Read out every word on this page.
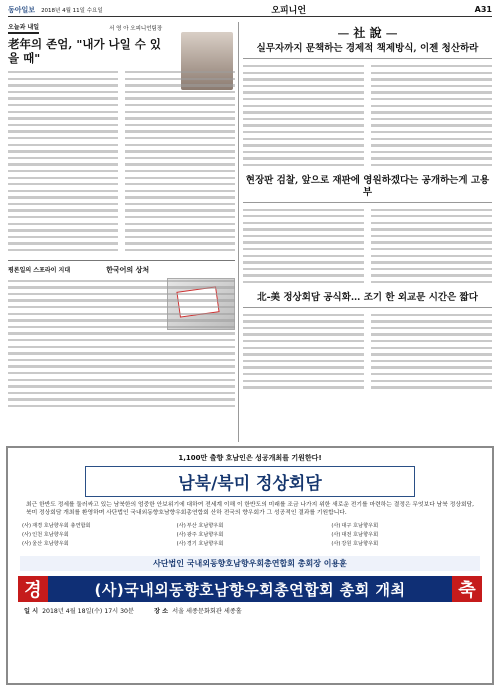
동아일보 2018년 4월 11일 수요일	오피니언	A31
오늘과 내일	서 영 아 오피니언팀장
老年의 존엄, "내가 나일 수 있을 때"
평론일의 스포라이 지대	한국어의 상처
— 社 說 —
실무자까지 문책하는 경제적 책제방식, 이젠 청산하라
현장판 검찰, 앞으로 재판에 영원하겠다는 공개하는게 고용부
北-美 정상회담 공식화… 조기 한 외교문 시간은 짧다
1,100만 출향 호남인은 성공개최를 기원한다!
남북/북미 정상회담
최근 한반도 정세를 둘러싸고 있는 남북한의 엄중한 안보위기에 대하여 전세계 이해 이 한반도의 미래를 조금 나가지 위한 새로운 전기를 마련하는 결정은 무엇보다 남북 정상회담, 북미 정상회담 개최를 환영하며 사단법인 국내외동향호남향우회총연합회 산하 전국의 향우회가 그 성공적인 결과를 기원합니다.
(사) 재경 호남향우회 총연합회	(사) 부산 호남향우회	(사) 대구 호남향우회
(사) 인천 호남향우회	(사) 광주 호남향우회	(사) 대전 호남향우회
(사) 울산 호남향우회	(사) 경기 호남향우회	(사) 강원 호남향우회
사단법인 국내외동향호남향우회총연합회 총회장 이용훈
경	(사)국내외동향호남향우회총연합회 총회 개최	축
일 시 2018년 4월 18일(수) 17시 30분	장 소 서울 세종문화회관 세종홀
